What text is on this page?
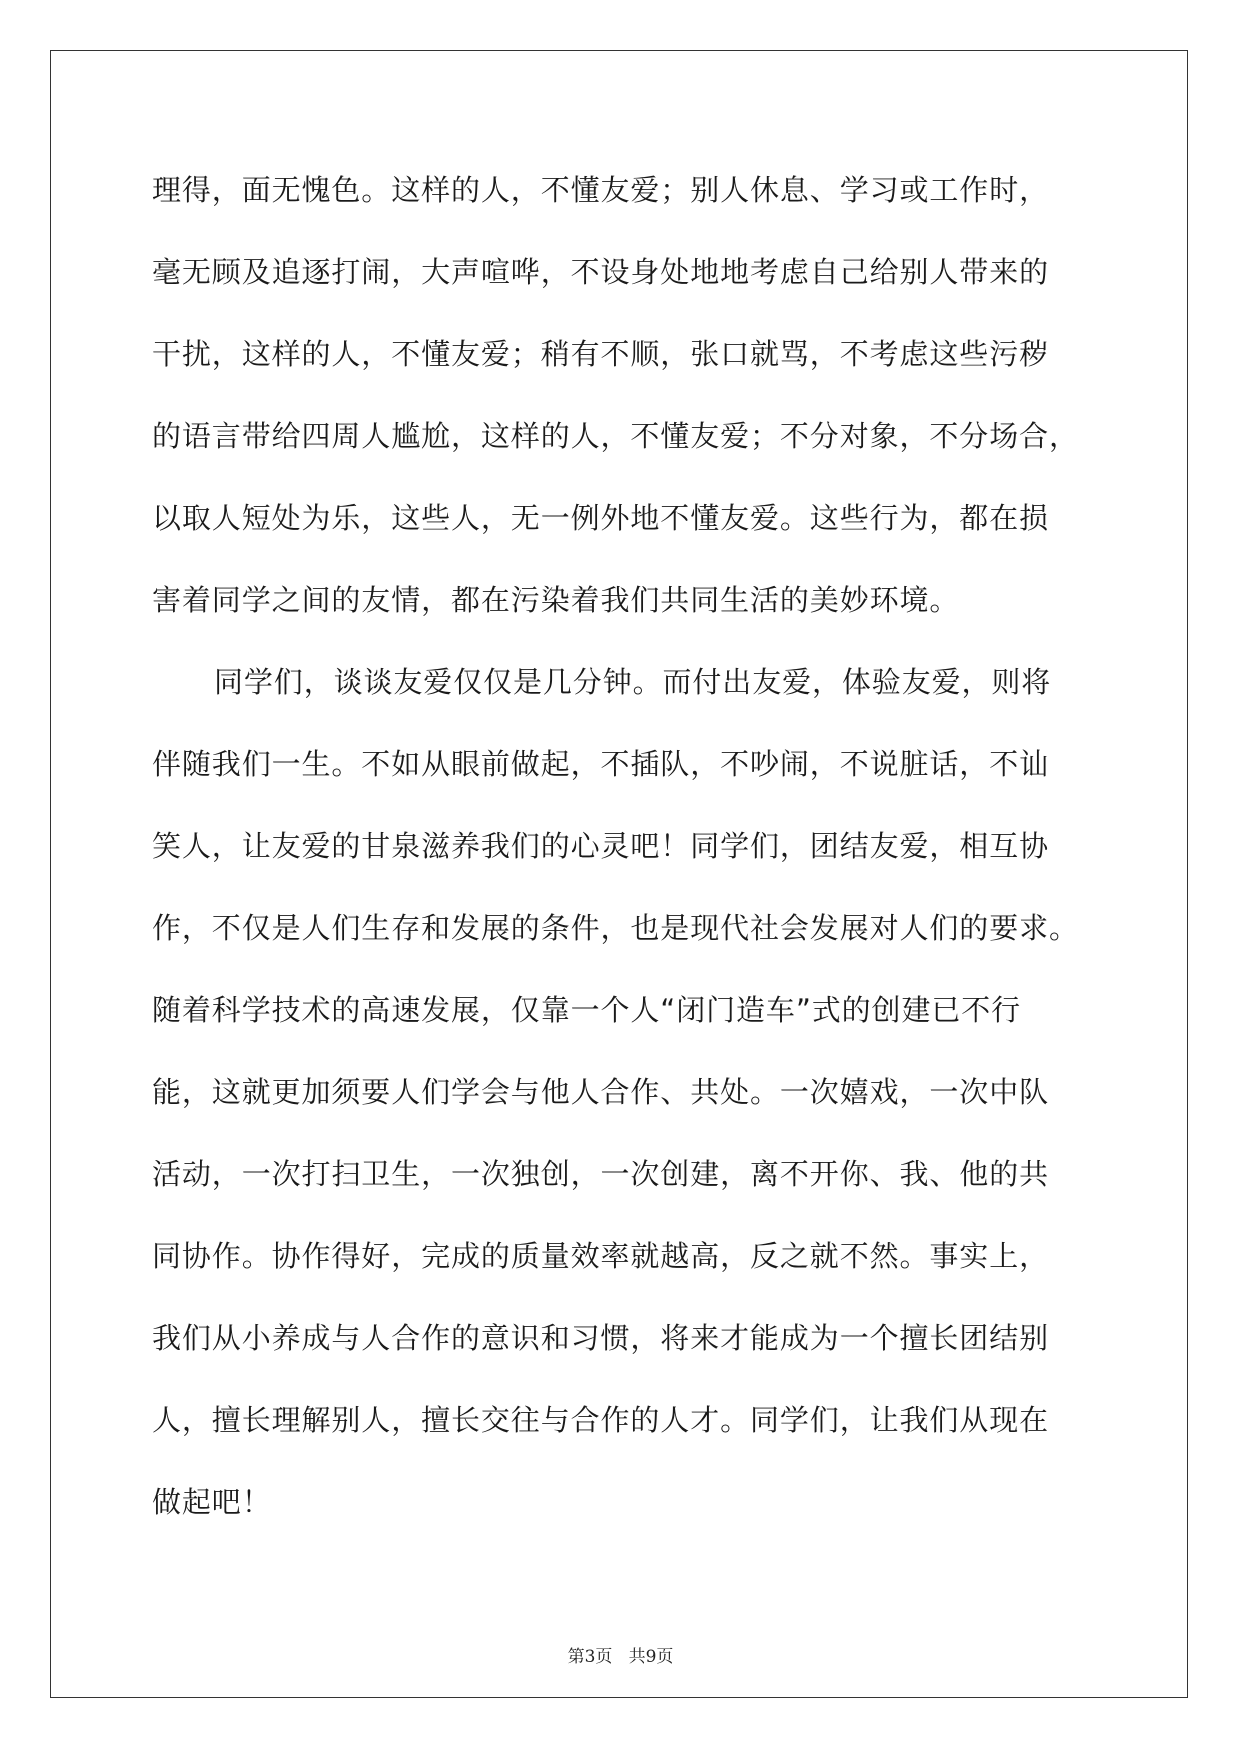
理得，面无愧色。这样的人，不懂友爱；别人休息、学习或工作时，
毫无顾及追逐打闹，大声喧哗，不设身处地地考虑自己给别人带来的
干扰，这样的人，不懂友爱；稍有不顺，张口就骂，不考虑这些污秽
的语言带给四周人尴尬，这样的人，不懂友爱；不分对象，不分场合，
以取人短处为乐，这些人，无一例外地不懂友爱。这些行为，都在损
害着同学之间的友情，都在污染着我们共同生活的美妙环境。
同学们，谈谈友爱仅仅是几分钟。而付出友爱，体验友爱，则将
伴随我们一生。不如从眼前做起，不插队，不吵闹，不说脏话，不讪
笑人，让友爱的甘泉滋养我们的心灵吧！同学们，团结友爱，相互协
作，不仅是人们生存和发展的条件，也是现代社会发展对人们的要求。
随着科学技术的高速发展，仅靠一个人“闭门造车”式的创建已不行
能，这就更加须要人们学会与他人合作、共处。一次嬉戏，一次中队
活动，一次打扫卫生，一次独创，一次创建，离不开你、我、他的共
同协作。协作得好，完成的质量效率就越高，反之就不然。事实上，
我们从小养成与人合作的意识和习惯，将来才能成为一个擅长团结别
人，擅长理解别人，擅长交往与合作的人才。同学们，让我们从现在
做起吧！
第3页   共9页
